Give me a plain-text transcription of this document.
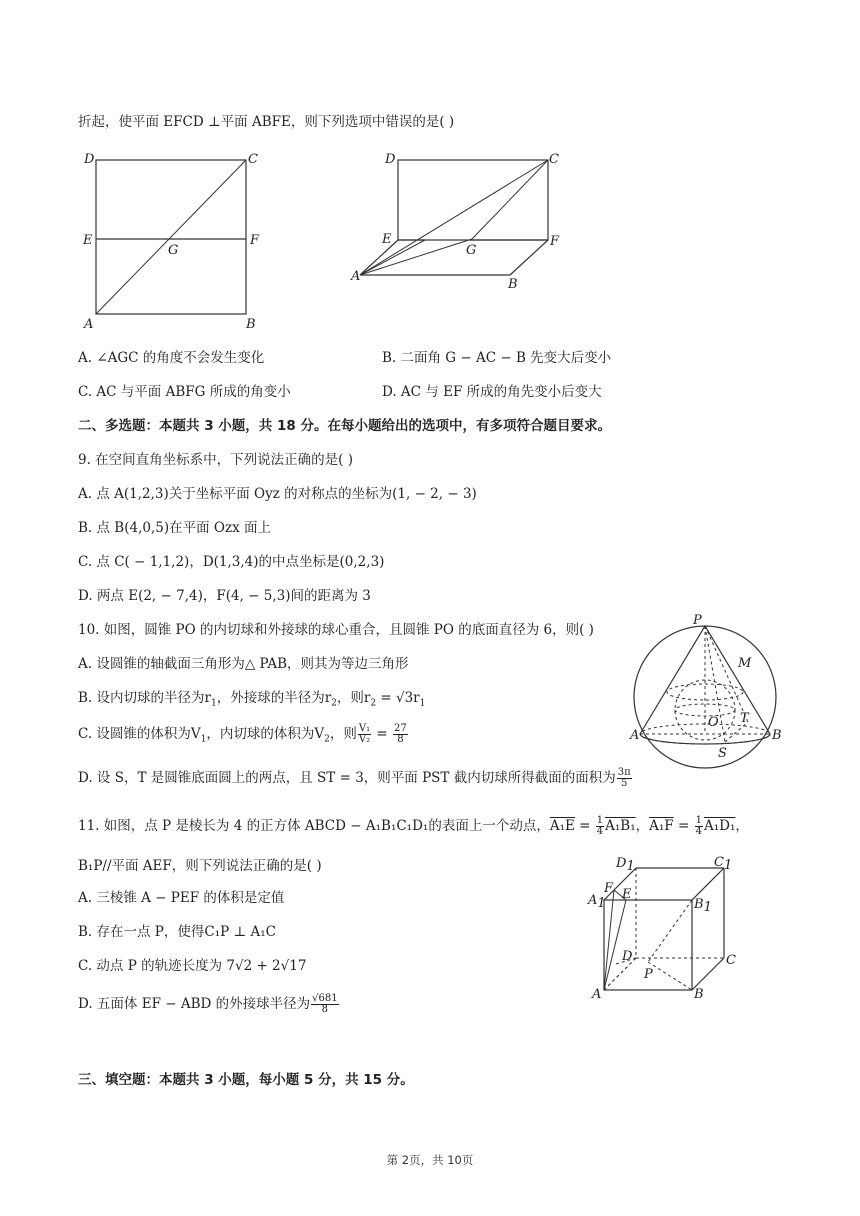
折起，使平面 EFCD ⊥平面 ABFE，则下列选项中错误的是( )
D	C
E
G
F
A	B
D	C
E
G
F
A
B
A. ∠AGC 的角度不会发生变化	B. 二面角 G − AC − B 先变大后变小
C. AC 与平面 ABFG 所成的角变小	D. AC 与 EF 所成的角先变小后变大
二、多选题：本题共 3 小题，共 18 分。在每小题给出的选项中，有多项符合题目要求。
9. 在空间直角坐标系中，下列说法正确的是( )
A. 点 A(1,2,3)关于坐标平面 Oyz 的对称点的坐标为(1, − 2, − 3)
B. 点 B(4,0,5)在平面 Ozx 面上
C. 点 C( − 1,1,2)，D(1,3,4)的中点坐标是(0,2,3)
D. 两点 E(2, − 7,4)，F(4, − 5,3)间的距离为 3
10. 如图，圆锥 PO 的内切球和外接球的球心重合，且圆锥 PO 的底面直径为 6，则( )
A. 设圆锥的轴截面三角形为△ PAB，则其为等边三角形
B. 设内切球的半径为$r_1$，外接球的半径为$r_2$，则$r_2 = √3r_1$
C. 设圆锥的体积为$V_1$，内切球的体积为$V_2$，则 $\frac{\text{V₁}}{\text{V₂}} = \frac{27}{8}$
D. 设 S，T 是圆锥底面圆上的两点，且 ST = 3，则平面 PST 截内切球所得截面的面积为 $\frac{3\pi}{5}$
P
M
O T
A	B
S
11. 如图，点 P 是棱长为 4 的正方体 ABCD − A₁B₁C₁D₁的表面上一个动点，$A_1E = \frac{1}{4} A_1B_1$，$A_1F = \frac{1}{4} A_1D_1$，
B₁P//平面 AEF，则下列说法正确的是( )
A. 三棱锥 A − PEF 的体积是定值
B. 存在一点 P，使得C₁P ⊥ A₁C
C. 动点 P 的轨迹长度为 7√2 + 2√17
D. 五面体 EF − ABD 的外接球半径为 $\frac{√681}{8}$
D1	C1
F E
A1	B1
D	C
P
A	B
三、填空题：本题共 3 小题，每小题 5 分，共 15 分。
第 2页，共 10页
